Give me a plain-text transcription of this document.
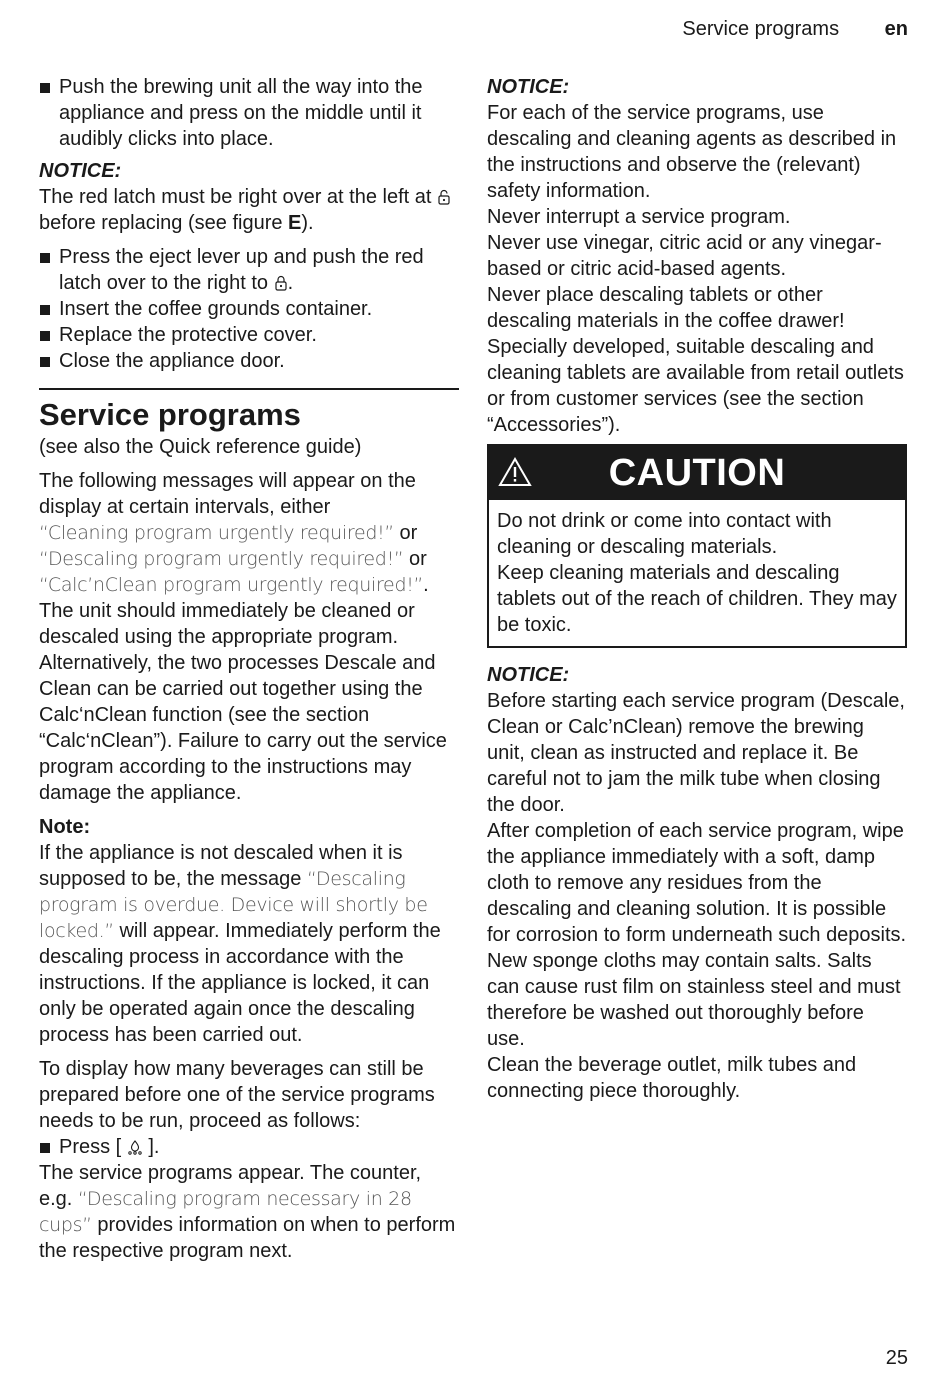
Service programs en
Push the brewing unit all the way into the appliance and press on the middle until it audibly clicks into place.

NOTICE:

The red latch must be right over at the left at  before replacing (see figure E).

Press the eject lever up and push the red latch over to the right to .
Insert the coffee grounds container.
Replace the protective cover.
Close the appliance door.
Service programs

(see also the Quick reference guide)

The following messages will appear on the display at certain intervals, either
“Cleaning program urgently required!” or
“Descaling program urgently required!” or
“Calc’nClean program urgently required!”. The unit should immediately be cleaned or descaled using the appropriate program. Alternatively, the two processes Descale and Clean can be carried out together using the Calc‘nClean function (see the section “Calc‘nClean”). Failure to carry out the service program according to the instructions may damage the appliance.

Note:

If the appliance is not descaled when it is supposed to be, the message “Descaling program is overdue. Device will shortly be locked.” will appear. Immediately perform the descaling process in accordance with the instructions. If the appliance is locked, it can only be operated again once the descaling process has been carried out.

To display how many beverages can still be prepared before one of the service programs needs to be run, proceed as follows:

Press [ ].

The service programs appear. The counter, e.g. “Descaling program necessary in 28 cups” provides information on when to perform the respective program next.

NOTICE:

For each of the service programs, use descaling and cleaning agents as described in the instructions and observe the (relevant) safety information.

Never interrupt a service program.

Never use vinegar, citric acid or any vinegar-based or citric acid-based agents.

Never place descaling tablets or other descaling materials in the coffee drawer!

Specially developed, suitable descaling and cleaning tablets are available from retail outlets or from customer services (see the section “Accessories”).

CAUTION

Do not drink or come into contact with cleaning or descaling materials.

Keep cleaning materials and descaling tablets out of the reach of children. They may be toxic.

NOTICE:

Before starting each service program (Descale, Clean or Calc’nClean) remove the brewing unit, clean as instructed and replace it. Be careful not to jam the milk tube when closing the door.

After completion of each service program, wipe the appliance immediately with a soft, damp cloth to remove any residues from the descaling and cleaning solution. It is possible for corrosion to form underneath such deposits.

New sponge cloths may contain salts. Salts can cause rust film on stainless steel and must therefore be washed out thoroughly before use.

Clean the beverage outlet, milk tubes and connecting piece thoroughly.

25
